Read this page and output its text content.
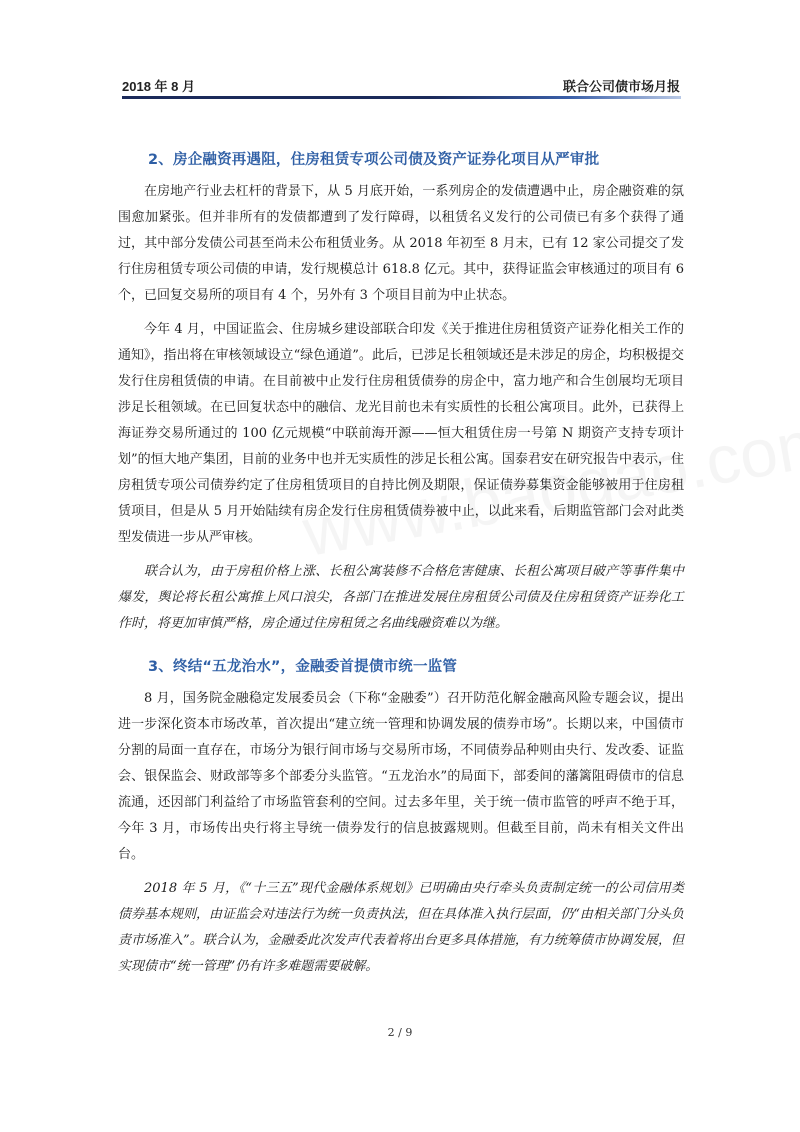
2018 年 8 月	联合公司债市场月报
2、房企融资再遇阻，住房租赁专项公司债及资产证券化项目从严审批

在房地产行业去杠杆的背景下，从 5 月底开始，一系列房企的发债遭遇中止，房企融资难的氛围愈加紧张。但并非所有的发债都遭到了发行障碍，以租赁名义发行的公司债已有多个获得了通过，其中部分发债公司甚至尚未公布租赁业务。从 2018 年初至 8 月末，已有 12 家公司提交了发行住房租赁专项公司债的申请，发行规模总计 618.8 亿元。其中，获得证监会审核通过的项目有 6 个，已回复交易所的项目有 4 个，另外有 3 个项目目前为中止状态。

今年 4 月，中国证监会、住房城乡建设部联合印发《关于推进住房租赁资产证券化相关工作的通知》，指出将在审核领域设立“绿色通道”。此后，已涉足长租领域还是未涉足的房企，均积极提交发行住房租赁债的申请。在目前被中止发行住房租赁债券的房企中，富力地产和合生创展均无项目涉足长租领域。在已回复状态中的融信、龙光目前也未有实质性的长租公寓项目。此外，已获得上海证券交易所通过的 100 亿元规模“中联前海开源——恒大租赁住房一号第 N 期资产支持专项计划”的恒大地产集团，目前的业务中也并无实质性的涉足长租公寓。国泰君安在研究报告中表示，住房租赁专项公司债券约定了住房租赁项目的自持比例及期限，保证债券募集资金能够被用于住房租赁项目，但是从 5 月开始陆续有房企发行住房租赁债券被中止，以此来看，后期监管部门会对此类型发债进一步从严审核。

联合认为，由于房租价格上涨、长租公寓装修不合格危害健康、长租公寓项目破产等事件集中爆发，舆论将长租公寓推上风口浪尖，各部门在推进发展住房租赁公司债及住房租赁资产证券化工作时，将更加审慎严格，房企通过住房租赁之名曲线融资难以为继。

3、终结“五龙治水”，金融委首提债市统一监管

8 月，国务院金融稳定发展委员会（下称“金融委”）召开防范化解金融高风险专题会议，提出进一步深化资本市场改革，首次提出“建立统一管理和协调发展的债券市场”。长期以来，中国债市分割的局面一直存在，市场分为银行间市场与交易所市场，不同债券品种则由央行、发改委、证监会、银保监会、财政部等多个部委分头监管。“五龙治水”的局面下，部委间的藩篱阻碍债市的信息流通，还因部门利益给了市场监管套利的空间。过去多年里，关于统一债市监管的呼声不绝于耳，今年 3 月，市场传出央行将主导统一债券发行的信息披露规则。但截至目前，尚未有相关文件出台。

2018 年 5 月，《“十三五”现代金融体系规划》已明确由央行牵头负责制定统一的公司信用类债券基本规则，由证监会对违法行为统一负责执法，但在具体准入执行层面，仍“由相关部门分头负责市场准入”。联合认为，金融委此次发声代表着将出台更多具体措施，有力统筹债市协调发展，但实现债市“统一管理”仍有许多难题需要破解。

2 / 9
